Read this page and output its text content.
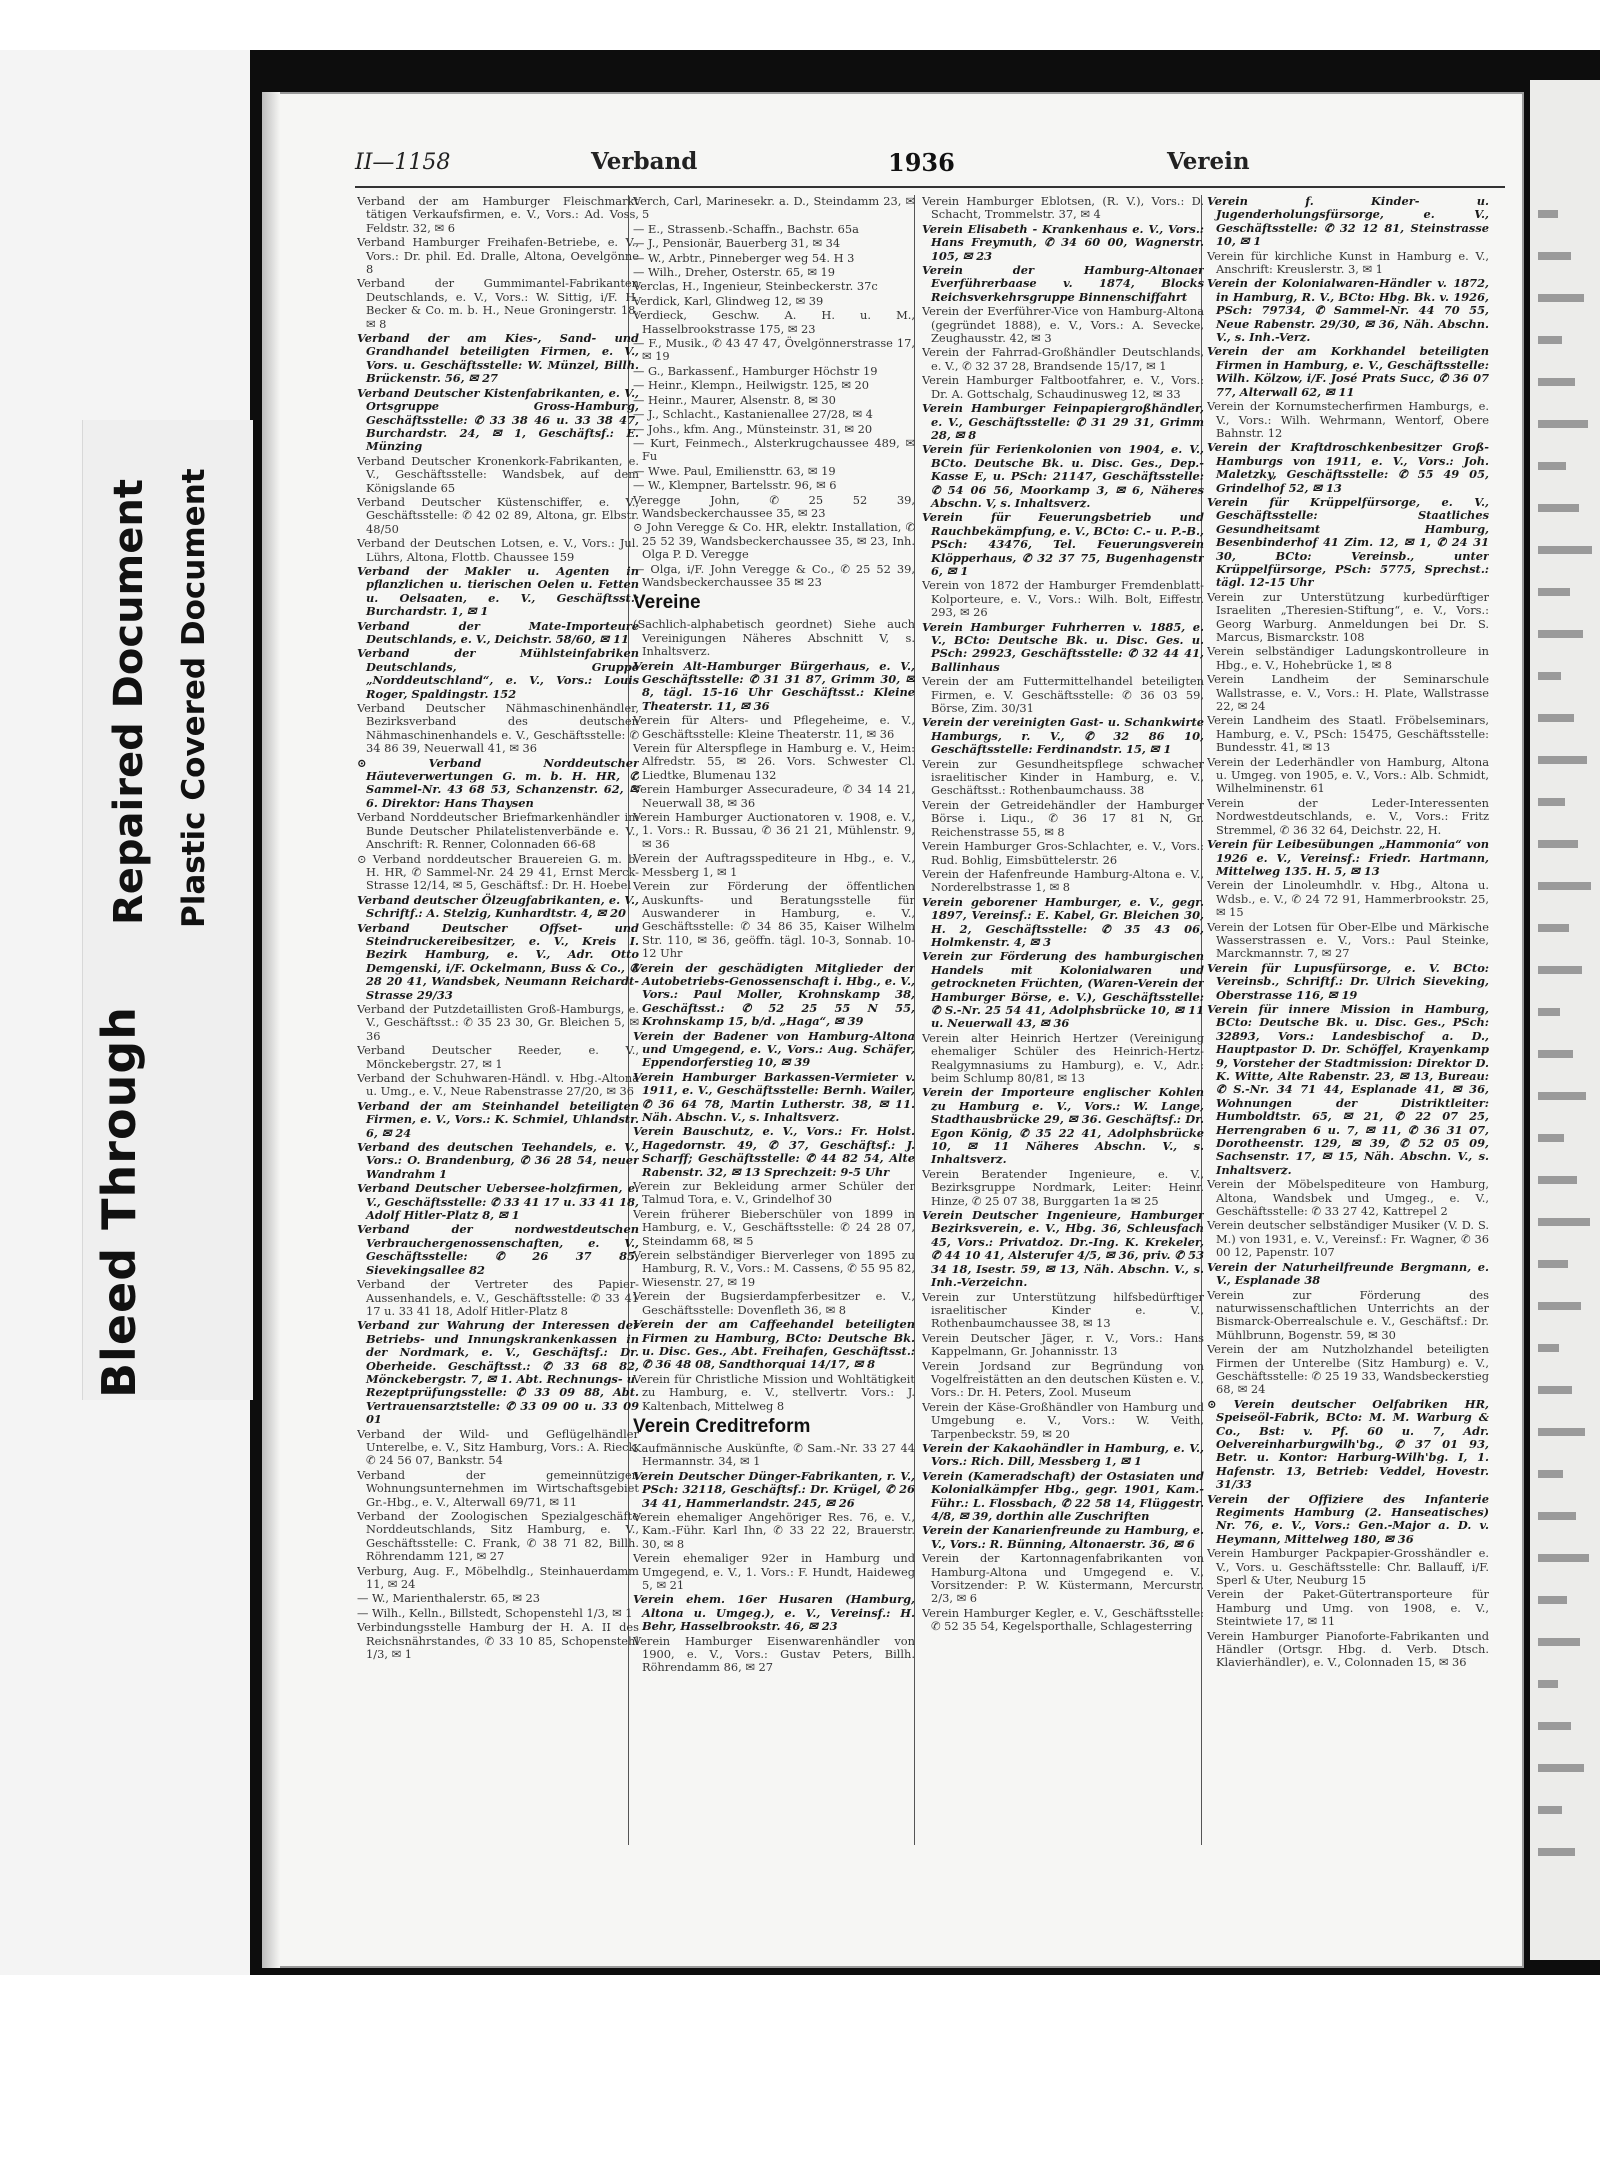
Bleed Through
Repaired Document Plastic Covered Document
II—1158	Verband	1936	Verein
Verband der am Hamburger Fleischmarkt tätigen Verkaufsfirmen, e. V., Vors.: Ad. Voss, Feldstr. 32, ✉ 6
Verband Hamburger Freihafen-Betriebe, e. V., Vors.: Dr. phil. Ed. Dralle, Altona, Oevelgönne 8
Verband der Gummimantel-Fabrikanten Deutschlands, e. V., Vors.: W. Sittig, i/F. H. Becker & Co. m. b. H., Neue Groningerstr. 18, ✉ 8
Verband der am Kies-, Sand- und Grandhandel beteiligten Firmen, e. V., Vors. u. Geschäftsstelle: W. Münzel, Billh. Brückenstr. 56, ✉ 27
Verband Deutscher Kistenfabrikanten, e. V., Ortsgruppe Gross-Hamburg, Geschäftsstelle: ✆ 33 38 46 u. 33 38 47, Burchardstr. 24, ✉ 1, Geschäftsf.: E. Münzing
Verband Deutscher Kronenkork-Fabrikanten, e. V., Geschäftsstelle: Wandsbek, auf dem Königslande 65
Verband Deutscher Küstenschiffer, e. V., Geschäftsstelle: ✆ 42 02 89, Altona, gr. Elbstr. 48/50
Verband der Deutschen Lotsen, e. V., Vors.: Jul. Lührs, Altona, Flottb. Chaussee 159
Verband der Makler u. Agenten in pflanzlichen u. tierischen Oelen u. Fetten u. Oelsaaten, e. V., Geschäftsst.: Burchardstr. 1, ✉ 1
Verband der Mate-Importeure Deutschlands, e. V., Deichstr. 58/60, ✉ 11
Verband der Mühlsteinfabriken Deutschlands, Gruppe „Norddeutschland“, e. V., Vors.: Louis Roger, Spaldingstr. 152
Verband Deutscher Nähmaschinenhändler, Bezirksverband des deutschen Nähmaschinenhandels e. V., Geschäftsstelle: ✆ 34 86 39, Neuerwall 41, ✉ 36
⊙ Verband Norddeutscher Häuteverwertungen G. m. b. H. HR, ✆ Sammel-Nr. 43 68 53, Schanzenstr. 62, ✉ 6. Direktor: Hans Thaysen
Verband Norddeutscher Briefmarkenhändler im Bunde Deutscher Philatelistenverbände e. V., Anschrift: R. Renner, Colonnaden 66-68
⊙ Verband norddeutscher Brauereien G. m. b. H. HR, ✆ Sammel-Nr. 24 29 41, Ernst Merck-Strasse 12/14, ✉ 5, Geschäftsf.: Dr. H. Hoebel
Verband deutscher Ölzeugfabrikanten, e. V., Schriftf.: A. Stelzig, Kunhardtstr. 4, ✉ 20
Verband Deutscher Offset- und Steindruckereibesitzer, e. V., Kreis I. Bezirk Hamburg, e. V., Adr. Otto Demgenski, i/F. Ockelmann, Buss & Co., ✆ 28 20 41, Wandsbek, Neumann Reichardt-Strasse 29/33
Verband der Putzdetaillisten Groß-Hamburgs, e. V., Geschäftsst.: ✆ 35 23 30, Gr. Bleichen 5, ✉ 36
Verband Deutscher Reeder, e. V., Mönckebergstr. 27, ✉ 1
Verband der Schuhwaren-Händl. v. Hbg.-Altona u. Umg., e. V., Neue Rabenstrasse 27/20, ✉ 36
Verband der am Steinhandel beteiligten Firmen, e. V., Vors.: K. Schmiel, Uhlandstr. 6, ✉ 24
Verband des deutschen Teehandels, e. V., Vors.: O. Brandenburg, ✆ 36 28 54, neuer Wandrahm 1
Verband Deutscher Uebersee-holzfirmen, e. V., Geschäftsstelle: ✆ 33 41 17 u. 33 41 18, Adolf Hitler-Platz 8, ✉ 1
Verband der nordwestdeutschen Verbrauchergenossenschaften, e. V., Geschäftsstelle: ✆ 26 37 85, Sievekingsallee 82
Verband der Vertreter des Papier-Aussenhandels, e. V., Geschäftsstelle: ✆ 33 41 17 u. 33 41 18, Adolf Hitler-Platz 8
Verband zur Wahrung der Interessen der Betriebs- und Innungskrankenkassen in der Nordmark, e. V., Geschäftsf.: Dr. Oberheide. Geschäftsst.: ✆ 33 68 82, Mönckebergstr. 7, ✉ 1. Abt. Rechnungs- u. Rezeptprüfungsstelle: ✆ 33 09 88, Abt. Vertrauensarztstelle: ✆ 33 09 00 u. 33 09 01
Verband der Wild- und Geflügelhändler Unterelbe, e. V., Sitz Hamburg, Vors.: A. Rieck, ✆ 24 56 07, Bankstr. 54
Verband der gemeinnützigen Wohnungsunternehmen im Wirtschaftsgebiet Gr.-Hbg., e. V., Alterwall 69/71, ✉ 11
Verband der Zoologischen Spezialgeschäfte Norddeutschlands, Sitz Hamburg, e. V., Geschäftsstelle: C. Frank, ✆ 38 71 82, Billh. Röhrendamm 121, ✉ 27
Verburg, Aug. F., Möbelhdlg., Steinhauerdamm 11, ✉ 24
— W., Marienthalerstr. 65, ✉ 23
— Wilh., Kelln., Billstedt, Schopenstehl 1/3, ✉ 1
Verbindungsstelle Hamburg der H. A. II des Reichsnährstandes, ✆ 33 10 85, Schopenstehl 1/3, ✉ 1
Verch, Carl, Marinesekr. a. D., Steindamm 23, ✉ 5
— E., Strassenb.-Schaffn., Bachstr. 65a
— J., Pensionär, Bauerberg 31, ✉ 34
— W., Arbtr., Pinneberger weg 54. H 3
— Wilh., Dreher, Osterstr. 65, ✉ 19
Verclas, H., Ingenieur, Steinbeckerstr. 37c
Verdick, Karl, Glindweg 12, ✉ 39
Verdieck, Geschw. A. H. u. M., Hasselbrookstrasse 175, ✉ 23
— F., Musik., ✆ 43 47 47, Övelgönnerstrasse 17, ✉ 19
— G., Barkassenf., Hamburger Höchstr 19
— Heinr., Klempn., Heilwigstr. 125, ✉ 20
— Heinr., Maurer, Alsenstr. 8, ✉ 30
— J., Schlacht., Kastanienallee 27/28, ✉ 4
— Johs., kfm. Ang., Münsteinstr. 31, ✉ 20
— Kurt, Feinmech., Alsterkrugchaussee 489, ✉ Fu
— Wwe. Paul, Emiliensttr. 63, ✉ 19
— W., Klempner, Bartelsstr. 96, ✉ 6
Veregge John, ✆ 25 52 39, Wandsbeckerchaussee 35, ✉ 23
⊙ John Veregge & Co. HR, elektr. Installation, ✆ 25 52 39, Wandsbeckerchaussee 35, ✉ 23, Inh. Olga P. D. Veregge
— Olga, i/F. John Veregge & Co., ✆ 25 52 39, Wandsbeckerchaussee 35 ✉ 23
Vereine
(Sachlich-alphabetisch geordnet) Siehe auch Vereinigungen Näheres Abschnitt V, s. Inhaltsverz.
Verein Alt-Hamburger Bürgerhaus, e. V., Geschäftsstelle: ✆ 31 31 87, Grimm 30, ✉ 8, tägl. 15-16 Uhr Geschäftsst.: Kleine Theaterstr. 11, ✉ 36
Verein für Alters- und Pflegeheime, e. V., Geschäftsstelle: Kleine Theaterstr. 11, ✉ 36
Verein für Alterspflege in Hamburg e. V., Heim: Alfredstr. 55, ✉ 26. Vors. Schwester Cl. Liedtke, Blumenau 132
Verein Hamburger Assecuradeure, ✆ 34 14 21, Neuerwall 38, ✉ 36
Verein Hamburger Auctionatoren v. 1908, e. V., 1. Vors.: R. Bussau, ✆ 36 21 21, Mühlenstr. 9, ✉ 36
Verein der Auftragsspediteure in Hbg., e. V., Messberg 1, ✉ 1
Verein zur Förderung der öffentlichen Auskunfts- und Beratungsstelle für Auswanderer in Hamburg, e. V., Geschäftsstelle: ✆ 34 86 35, Kaiser Wilhelm Str. 110, ✉ 36, geöffn. tägl. 10-3, Sonnab. 10-12 Uhr
Verein der geschädigten Mitglieder der Autobetriebs-Genossenschaft i. Hbg., e. V., Vors.: Paul Moller, Krohnskamp 38, Geschäftsst.: ✆ 52 25 55 N 55, Krohnskamp 15, b/d. „Haga“, ✉ 39
Verein der Badener von Hamburg-Altona und Umgegend, e. V., Vors.: Aug. Schäfer, Eppendorferstieg 10, ✉ 39
Verein Hamburger Barkassen-Vermieter v. 1911, e. V., Geschäftsstelle: Bernh. Wailer, ✆ 36 64 78, Martin Lutherstr. 38, ✉ 11. Näh. Abschn. V., s. Inhaltsverz.
Verein Bauschutz, e. V., Vors.: Fr. Holst. Hagedornstr. 49, ✆ 37, Geschäftsf.: J. Scharff; Geschäftsstelle: ✆ 44 82 54, Alte Rabenstr. 32, ✉ 13 Sprechzeit: 9-5 Uhr
Verein zur Bekleidung armer Schüler der Talmud Tora, e. V., Grindelhof 30
Verein früherer Bieberschüler von 1899 in Hamburg, e. V., Geschäftsstelle: ✆ 24 28 07, Steindamm 68, ✉ 5
Verein selbständiger Bierverleger von 1895 zu Hamburg, R. V., Vors.: M. Cassens, ✆ 55 95 82, Wiesenstr. 27, ✉ 19
Verein der Bugsierdampferbesitzer e. V., Geschäftsstelle: Dovenfleth 36, ✉ 8
Verein der am Caffeehandel beteiligten Firmen zu Hamburg, BCto: Deutsche Bk. u. Disc. Ges., Abt. Freihafen, Geschäftsst.: ✆ 36 48 08, Sandthorquai 14/17, ✉ 8
Verein für Christliche Mission und Wohltätigkeit zu Hamburg, e. V., stellvertr. Vors.: J. Kaltenbach, Mittelweg 8
Verein Creditreform
Kaufmännische Auskünfte, ✆ Sam.-Nr. 33 27 44 Hermannstr. 34, ✉ 1
Verein Deutscher Dünger-Fabrikanten, r. V., PSch: 32118, Geschäftsf.: Dr. Krügel, ✆ 26 34 41, Hammerlandstr. 245, ✉ 26
Verein ehemaliger Angehöriger Res. 76, e. V., Kam.-Führ. Karl Ihn, ✆ 33 22 22, Brauerstr. 30, ✉ 8
Verein ehemaliger 92er in Hamburg und Umgegend, e. V., 1. Vors.: F. Hundt, Haideweg 5, ✉ 21
Verein ehem. 16er Husaren (Hamburg, Altona u. Umgeg.), e. V., Vereinsf.: H. Behr, Hasselbrookstr. 46, ✉ 23
Verein Hamburger Eisenwarenhändler von 1900, e. V., Vors.: Gustav Peters, Billh. Röhrendamm 86, ✉ 27
Verein Hamburger Eblotsen, (R. V.), Vors.: D. Schacht, Trommelstr. 37, ✉ 4
Verein Elisabeth - Krankenhaus e. V., Vors.: Hans Freymuth, ✆ 34 60 00, Wagnerstr. 105, ✉ 23
Verein der Hamburg-Altonaer Everführerbaase v. 1874, Blocks Reichsverkehrsgruppe Binnenschiffahrt
Verein der Everführer-Vice von Hamburg-Altona (gegründet 1888), e. V., Vors.: A. Sevecke, Zeughausstr. 42, ✉ 3
Verein der Fahrrad-Großhändler Deutschlands, e. V., ✆ 32 37 28, Brandsende 15/17, ✉ 1
Verein Hamburger Faltbootfahrer, e. V., Vors.: Dr. A. Gottschalg, Schaudinusweg 12, ✉ 33
Verein Hamburger Feinpapiergroßhändler, e. V., Geschäftsstelle: ✆ 31 29 31, Grimm 28, ✉ 8
Verein für Ferienkolonien von 1904, e. V., BCto. Deutsche Bk. u. Disc. Ges., Dep.-Kasse E, u. PSch: 21147, Geschäftsstelle: ✆ 54 06 56, Moorkamp 3, ✉ 6, Näheres Abschn. V, s. Inhaltsverz.
Verein für Feuerungsbetrieb und Rauchbekämpfung, e. V., BCto: C.- u. P.-B., PSch: 43476, Tel. Feuerungsverein Klöpperhaus, ✆ 32 37 75, Bugenhagenstr 6, ✉ 1
Verein von 1872 der Hamburger Fremdenblatt-Kolporteure, e. V., Vors.: Wilh. Bolt, Eiffestr. 293, ✉ 26
Verein Hamburger Fuhrherren v. 1885, e. V., BCto: Deutsche Bk. u. Disc. Ges. u. PSch: 29923, Geschäftsstelle: ✆ 32 44 41, Ballinhaus
Verein der am Futtermittelhandel beteiligten Firmen, e. V. Geschäftsstelle: ✆ 36 03 59, Börse, Zim. 30/31
Verein der vereinigten Gast- u. Schankwirte Hamburgs, r. V., ✆ 32 86 10, Geschäftsstelle: Ferdinandstr. 15, ✉ 1
Verein zur Gesundheitspflege schwacher israelitischer Kinder in Hamburg, e. V., Geschäftsst.: Rothenbaumchauss. 38
Verein der Getreidehändler der Hamburger Börse i. Liqu., ✆ 36 17 81 N, Gr. Reichenstrasse 55, ✉ 8
Verein Hamburger Gros-Schlachter, e. V., Vors.: Rud. Bohlig, Eimsbüttelerstr. 26
Verein der Hafenfreunde Hamburg-Altona e. V., Norderelbstrasse 1, ✉ 8
Verein geborener Hamburger, e. V., gegr. 1897, Vereinsf.: E. Kabel, Gr. Bleichen 30, H. 2, Geschäftsstelle: ✆ 35 43 06, Holmkenstr. 4, ✉ 3
Verein zur Förderung des hamburgischen Handels mit Kolonialwaren und getrockneten Früchten, (Waren-Verein der Hamburger Börse, e. V.), Geschäftsstelle: ✆ S.-Nr. 25 54 41, Adolphsbrücke 10, ✉ 11 u. Neuerwall 43, ✉ 36
Verein alter Heinrich Hertzer (Vereinigung ehemaliger Schüler des Heinrich-Hertz-Realgymnasiums zu Hamburg), e. V., Adr.: beim Schlump 80/81, ✉ 13
Verein der Importeure englischer Kohlen zu Hamburg e. V., Vors.: W. Lange, Stadthausbrücke 29, ✉ 36. Geschäftsf.: Dr. Egon König, ✆ 35 22 41, Adolphsbrücke 10, ✉ 11 Näheres Abschn. V., s. Inhaltsverz.
Verein Beratender Ingenieure, e. V., Bezirksgruppe Nordmark, Leiter: Heinr. Hinze, ✆ 25 07 38, Burggarten 1a ✉ 25
Verein Deutscher Ingenieure, Hamburger Bezirksverein, e. V., Hbg. 36, Schleusfach 45, Vors.: Privatdoz. Dr.-Ing. K. Krekeler, ✆ 44 10 41, Alsterufer 4/5, ✉ 36, priv. ✆ 53 34 18, Isestr. 59, ✉ 13, Näh. Abschn. V., s. Inh.-Verzeichn.
Verein zur Unterstützung hilfsbedürftiger israelitischer Kinder e. V., Rothenbaumchaussee 38, ✉ 13
Verein Deutscher Jäger, r. V., Vors.: Hans Kappelmann, Gr. Johannisstr. 13
Verein Jordsand zur Begründung von Vogelfreistätten an den deutschen Küsten e. V., Vors.: Dr. H. Peters, Zool. Museum
Verein der Käse-Großhändler von Hamburg und Umgebung e. V., Vors.: W. Veith, Tarpenbeckstr. 59, ✉ 20
Verein der Kakaohändler in Hamburg, e. V., Vors.: Rich. Dill, Messberg 1, ✉ 1
Verein (Kameradschaft) der Ostasiaten und Kolonialkämpfer Hbg., gegr. 1901, Kam.-Führ.: L. Flossbach, ✆ 22 58 14, Flüggestr. 4/8, ✉ 39, dorthin alle Zuschriften
Verein der Kanarienfreunde zu Hamburg, e. V., Vors.: R. Bünning, Altonaerstr. 36, ✉ 6
Verein der Kartonnagenfabrikanten von Hamburg-Altona und Umgegend e. V., Vorsitzender: P. W. Küstermann, Mercurstr. 2/3, ✉ 6
Verein Hamburger Kegler, e. V., Geschäftsstelle: ✆ 52 35 54, Kegelsporthalle, Schlagesterring
Verein f. Kinder- u. Jugenderholungsfürsorge, e. V., Geschäftsstelle: ✆ 32 12 81, Steinstrasse 10, ✉ 1
Verein für kirchliche Kunst in Hamburg e. V., Anschrift: Kreuslerstr. 3, ✉ 1
Verein der Kolonialwaren-Händler v. 1872, in Hamburg, R. V., BCto: Hbg. Bk. v. 1926, PSch: 79734, ✆ Sammel-Nr. 44 70 55, Neue Rabenstr. 29/30, ✉ 36, Näh. Abschn. V., s. Inh.-Verz.
Verein der am Korkhandel beteiligten Firmen in Hamburg, e. V., Geschäftsstelle: Wilh. Kölzow, i/F. José Prats Succ, ✆ 36 07 77, Alterwall 62, ✉ 11
Verein der Kornumstecherfirmen Hamburgs, e. V., Vors.: Wilh. Wehrmann, Wentorf, Obere Bahnstr. 12
Verein der Kraftdroschkenbesitzer Groß-Hamburgs von 1911, e. V., Vors.: Joh. Maletzky, Geschäftsstelle: ✆ 55 49 05, Grindelhof 52, ✉ 13
Verein für Krüppelfürsorge, e. V., Geschäftsstelle: Staatliches Gesundheitsamt Hamburg, Besenbinderhof 41 Zim. 12, ✉ 1, ✆ 24 31 30, BCto: Vereinsb., unter Krüppelfürsorge, PSch: 5775, Sprechst.: tägl. 12-15 Uhr
Verein zur Unterstützung kurbedürftiger Israeliten „Theresien-Stiftung“, e. V., Vors.: Georg Warburg. Anmeldungen bei Dr. S. Marcus, Bismarckstr. 108
Verein selbständiger Ladungskontrolleure in Hbg., e. V., Hohebrücke 1, ✉ 8
Verein Landheim der Seminarschule Wallstrasse, e. V., Vors.: H. Plate, Wallstrasse 22, ✉ 24
Verein Landheim des Staatl. Fröbelseminars, Hamburg, e. V., PSch: 15475, Geschäftsstelle: Bundesstr. 41, ✉ 13
Verein der Lederhändler von Hamburg, Altona u. Umgeg. von 1905, e. V., Vors.: Alb. Schmidt, Wilhelminenstr. 61
Verein der Leder-Interessenten Nordwestdeutschlands, e. V., Vors.: Fritz Stremmel, ✆ 36 32 64, Deichstr. 22, H.
Verein für Leibesübungen „Hammonia“ von 1926 e. V., Vereinsf.: Friedr. Hartmann, Mittelweg 135. H. 5, ✉ 13
Verein der Linoleumhdlr. v. Hbg., Altona u. Wdsb., e. V., ✆ 24 72 91, Hammerbrookstr. 25, ✉ 15
Verein der Lotsen für Ober-Elbe und Märkische Wasserstrassen e. V., Vors.: Paul Steinke, Marckmannstr. 7, ✉ 27
Verein für Lupusfürsorge, e. V. BCto: Vereinsb., Schriftf.: Dr. Ulrich Sieveking, Oberstrasse 116, ✉ 19
Verein für innere Mission in Hamburg, BCto: Deutsche Bk. u. Disc. Ges., PSch: 32893, Vors.: Landesbischof a. D., Hauptpastor D. Dr. Schöffel, Krayenkamp 9, Vorsteher der Stadtmission: Direktor D. K. Witte, Alte Rabenstr. 23, ✉ 13, Bureau: ✆ S.-Nr. 34 71 44, Esplanade 41, ✉ 36, Wohnungen der Distriktleiter: Humboldtstr. 65, ✉ 21, ✆ 22 07 25, Herrengraben 6 u. 7, ✉ 11, ✆ 36 31 07, Dorotheenstr. 129, ✉ 39, ✆ 52 05 09, Sachsenstr. 17, ✉ 15, Näh. Abschn. V., s. Inhaltsverz.
Verein der Möbelspediteure von Hamburg, Altona, Wandsbek und Umgeg., e. V., Geschäftsstelle: ✆ 33 27 42, Kattrepel 2
Verein deutscher selbständiger Musiker (V. D. S. M.) von 1931, e. V., Vereinsf.: Fr. Wagner, ✆ 36 00 12, Papenstr. 107
Verein der Naturheilfreunde Bergmann, e. V., Esplanade 38
Verein zur Förderung des naturwissenschaftlichen Unterrichts an der Bismarck-Oberrealschule e. V., Geschäftsf.: Dr. Mühlbrunn, Bogenstr. 59, ✉ 30
Verein der am Nutzholzhandel beteiligten Firmen der Unterelbe (Sitz Hamburg) e. V., Geschäftsstelle: ✆ 25 19 33, Wandsbeckerstieg 68, ✉ 24
⊙ Verein deutscher Oelfabriken HR, Speiseöl-Fabrik, BCto: M. M. Warburg & Co., Bst: v. Pf. 60 u. 7, Adr. Oelvereinharburgwilh'bg., ✆ 37 01 93, Betr. u. Kontor: Harburg-Wilh'bg. I, 1. Hafenstr. 13, Betrieb: Veddel, Hovestr. 31/33
Verein der Offiziere des Infanterie Regiments Hamburg (2. Hanseatisches) Nr. 76, e. V., Vors.: Gen.-Major a. D. v. Heymann, Mittelweg 180, ✉ 36
Verein Hamburger Packpapier-Grosshändler e. V., Vors. u. Geschäftsstelle: Chr. Ballauff, i/F. Sperl & Uter, Neuburg 15
Verein der Paket-Gütertransporteure für Hamburg und Umg. von 1908, e. V., Steintwiete 17, ✉ 11
Verein Hamburger Pianoforte-Fabrikanten und Händler (Ortsgr. Hbg. d. Verb. Dtsch. Klavierhändler), e. V., Colonnaden 15, ✉ 36
